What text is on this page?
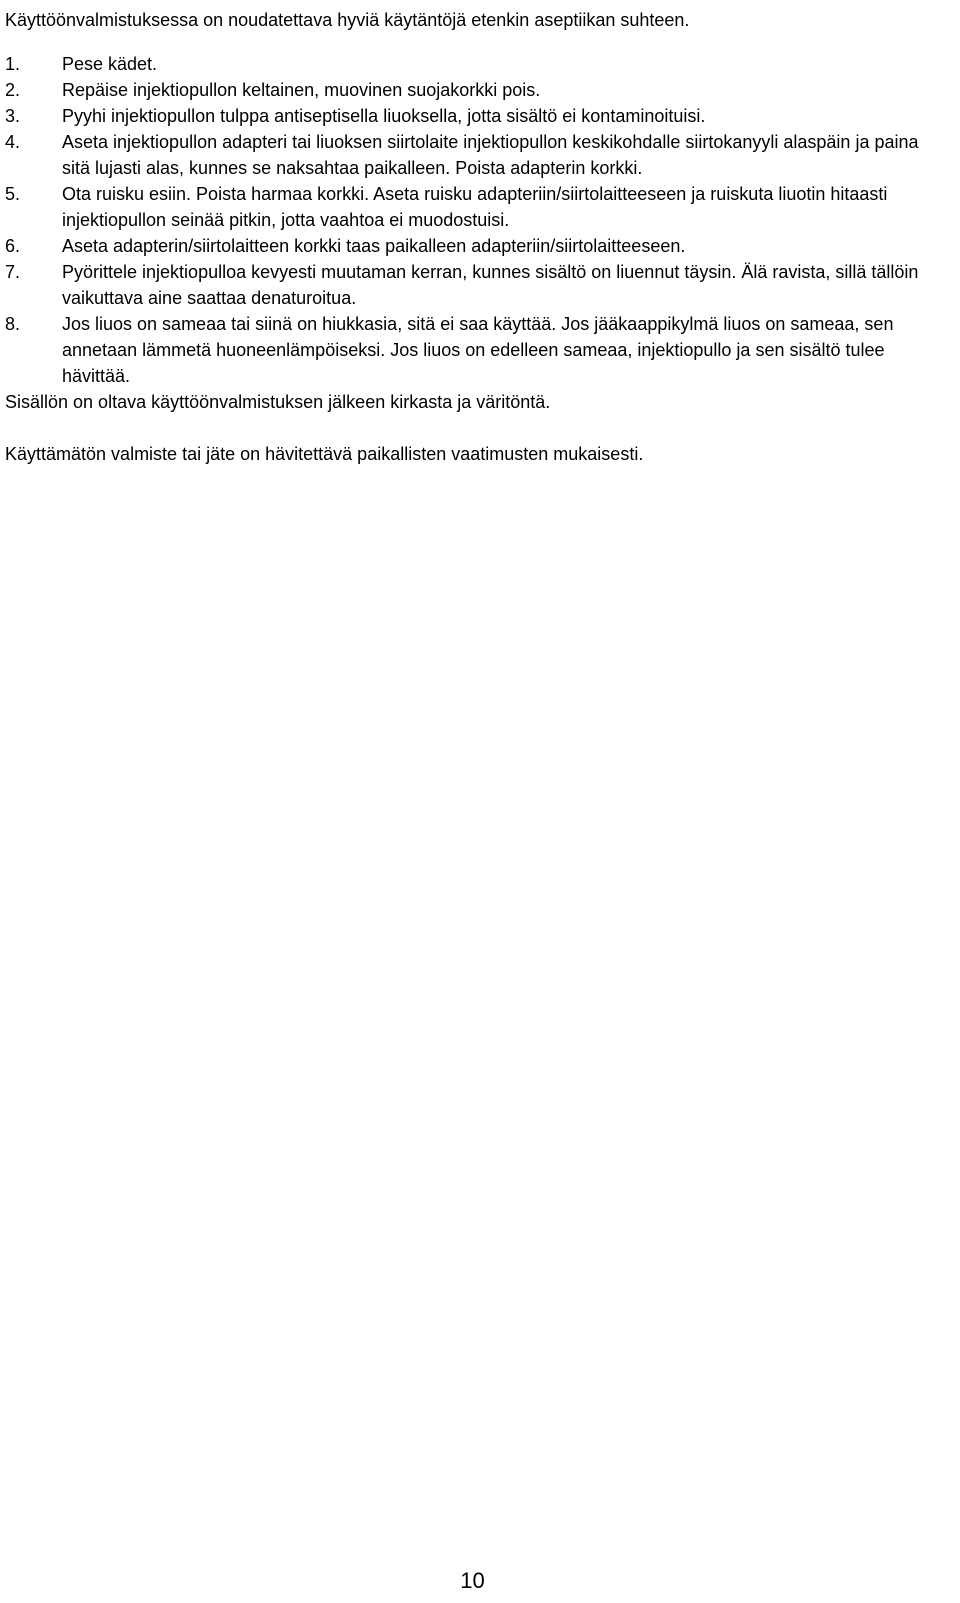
Käyttöönvalmistuksessa on noudatettava hyviä käytäntöjä etenkin aseptiikan suhteen.

1.	Pese kädet.
2.	Repäise injektiopullon keltainen, muovinen suojakorkki pois.
3.	Pyyhi injektiopullon tulppa antiseptisella liuoksella, jotta sisältö ei kontaminoituisi.
4.	Aseta injektiopullon adapteri tai liuoksen siirtolaite injektiopullon keskikohdalle siirtokanyyli alaspäin ja paina sitä lujasti alas, kunnes se naksahtaa paikalleen. Poista adapterin korkki.
5.	Ota ruisku esiin. Poista harmaa korkki. Aseta ruisku adapteriin/siirtolaitteeseen ja ruiskuta liuotin hitaasti injektiopullon seinää pitkin, jotta vaahtoa ei muodostuisi.
6.	Aseta adapterin/siirtolaitteen korkki taas paikalleen adapteriin/siirtolaitteeseen.
7.	Pyörittele injektiopulloa kevyesti muutaman kerran, kunnes sisältö on liuennut täysin. Älä ravista, sillä tällöin vaikuttava aine saattaa denaturoitua.
8.	Jos liuos on sameaa tai siinä on hiukkasia, sitä ei saa käyttää. Jos jääkaappikylmä liuos on sameaa, sen annetaan lämmetä huoneenlämpöiseksi. Jos liuos on edelleen sameaa, injektiopullo ja sen sisältö tulee hävittää.

Sisällön on oltava käyttöönvalmistuksen jälkeen kirkasta ja väritöntä.

Käyttämätön valmiste tai jäte on hävitettävä paikallisten vaatimusten mukaisesti.

10
